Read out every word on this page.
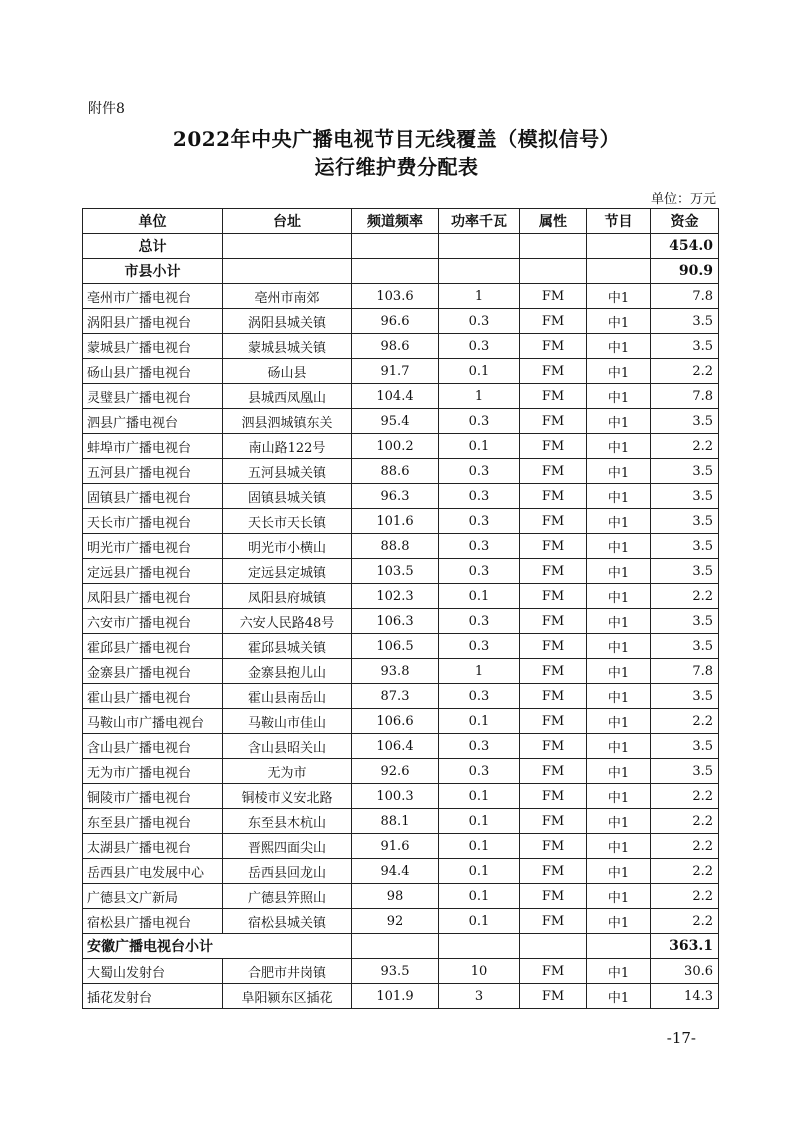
附件8
2022年中央广播电视节目无线覆盖（模拟信号）
运行维护费分配表
单位：万元
单位	台址	频道频率	功率千瓦	属性	节目	资金
总计						454.0
市县小计						90.9
亳州市广播电视台	亳州市南郊	103.6	1	FM	中1	7.8
涡阳县广播电视台	涡阳县城关镇	96.6	0.3	FM	中1	3.5
蒙城县广播电视台	蒙城县城关镇	98.6	0.3	FM	中1	3.5
砀山县广播电视台	砀山县	91.7	0.1	FM	中1	2.2
灵璧县广播电视台	县城西凤凰山	104.4	1	FM	中1	7.8
泗县广播电视台	泗县泗城镇东关	95.4	0.3	FM	中1	3.5
蚌埠市广播电视台	南山路122号	100.2	0.1	FM	中1	2.2
五河县广播电视台	五河县城关镇	88.6	0.3	FM	中1	3.5
固镇县广播电视台	固镇县城关镇	96.3	0.3	FM	中1	3.5
天长市广播电视台	天长市天长镇	101.6	0.3	FM	中1	3.5
明光市广播电视台	明光市小横山	88.8	0.3	FM	中1	3.5
定远县广播电视台	定远县定城镇	103.5	0.3	FM	中1	3.5
凤阳县广播电视台	凤阳县府城镇	102.3	0.1	FM	中1	2.2
六安市广播电视台	六安人民路48号	106.3	0.3	FM	中1	3.5
霍邱县广播电视台	霍邱县城关镇	106.5	0.3	FM	中1	3.5
金寨县广播电视台	金寨县抱儿山	93.8	1	FM	中1	7.8
霍山县广播电视台	霍山县南岳山	87.3	0.3	FM	中1	3.5
马鞍山市广播电视台	马鞍山市佳山	106.6	0.1	FM	中1	2.2
含山县广播电视台	含山县昭关山	106.4	0.3	FM	中1	3.5
无为市广播电视台	无为市	92.6	0.3	FM	中1	3.5
铜陵市广播电视台	铜棱市义安北路	100.3	0.1	FM	中1	2.2
东至县广播电视台	东至县木杭山	88.1	0.1	FM	中1	2.2
太湖县广播电视台	晋熙四面尖山	91.6	0.1	FM	中1	2.2
岳西县广电发展中心	岳西县回龙山	94.4	0.1	FM	中1	2.2
广德县文广新局	广德县笄照山	98	0.1	FM	中1	2.2
宿松县广播电视台	宿松县城关镇	92	0.1	FM	中1	2.2
安徽广播电视台小计						363.1
大蜀山发射台	合肥市井岗镇	93.5	10	FM	中1	30.6
插花发射台	阜阳颍东区插花	101.9	3	FM	中1	14.3
-17-
